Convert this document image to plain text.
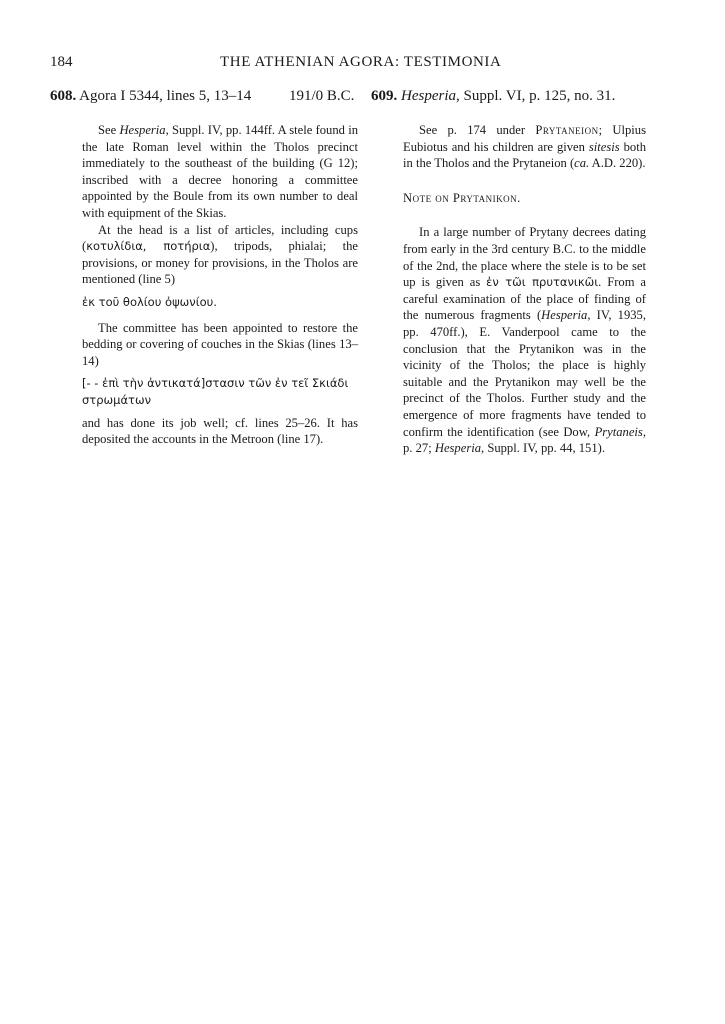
184	THE ATHENIAN AGORA: TESTIMONIA
608. Agora I 5344, lines 5, 13–14	191/0 B.C. 609. Hesperia, Suppl. VI, p. 125, no. 31.

See Hesperia, Suppl. IV, pp. 144ff. A stele found in the late Roman level within the Tholos precinct immediately to the southeast of the building (G 12); inscribed with a decree honoring a committee appointed by the Boule from its own number to deal with equipment of the Skias.

At the head is a list of articles, including cups (κοτυλίδια, ποτήρια), tripods, phialai; the provisions, or money for provisions, in the Tholos are mentioned (line 5)

ἐκ τοῦ θολίου ὀψωνίου.

The committee has been appointed to restore the bedding or covering of couches in the Skias (lines 13–14)

[- - ἐπὶ τὴν ἀντικατά]στασιν τῶν ἐν τεῖ Σκιάδι στρωμάτων

and has done its job well; cf. lines 25–26. It has deposited the accounts in the Metroon (line 17).

See p. 174 under Prytaneion; Ulpius Eubiotus and his children are given sitesis both in the Tholos and the Prytaneion (ca. A.D. 220).

Note on Prytanikon.

In a large number of Prytany decrees dating from early in the 3rd century B.C. to the middle of the 2nd, the place where the stele is to be set up is given as ἐν τῶι πρυτανικῶι. From a careful examination of the place of finding of the numerous fragments (Hesperia, IV, 1935, pp. 470ff.), E. Vanderpool came to the conclusion that the Prytanikon was in the vicinity of the Tholos; the place is highly suitable and the Prytanikon may well be the precinct of the Tholos. Further study and the emergence of more fragments have tended to confirm the identification (see Dow, Prytaneis, p. 27; Hesperia, Suppl. IV, pp. 44, 151).
